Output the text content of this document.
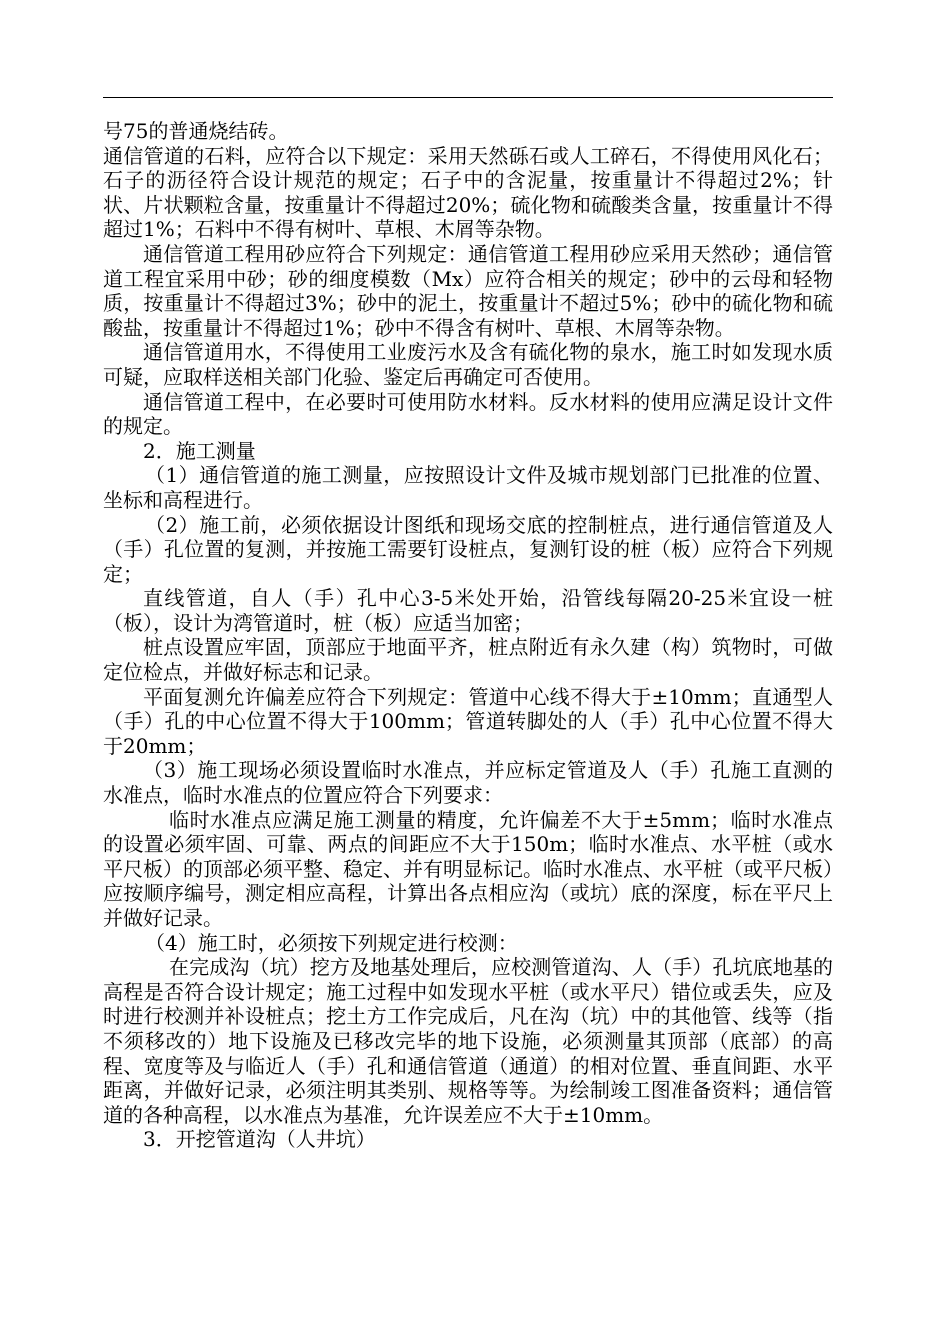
号75的普通烧结砖。

通信管道的石料，应符合以下规定：采用天然砾石或人工碎石，不得使用风化石；石子的沥径符合设计规范的规定；石子中的含泥量，按重量计不得超过2%；针状、片状颗粒含量，按重量计不得超过20%；硫化物和硫酸类含量，按重量计不得超过1%；石料中不得有树叶、草根、木屑等杂物。

通信管道工程用砂应符合下列规定：通信管道工程用砂应采用天然砂；通信管道工程宜采用中砂；砂的细度模数（Mx）应符合相关的规定；砂中的云母和轻物质，按重量计不得超过3%；砂中的泥土，按重量计不超过5%；砂中的硫化物和硫酸盐，按重量计不得超过1%；砂中不得含有树叶、草根、木屑等杂物。

通信管道用水，不得使用工业废污水及含有硫化物的泉水，施工时如发现水质可疑，应取样送相关部门化验、鉴定后再确定可否使用。

通信管道工程中，在必要时可使用防水材料。反水材料的使用应满足设计文件的规定。

2．施工测量

（1）通信管道的施工测量，应按照设计文件及城市规划部门已批准的位置、坐标和高程进行。

（2）施工前，必须依据设计图纸和现场交底的控制桩点，进行通信管道及人（手）孔位置的复测，并按施工需要钉设桩点，复测钉设的桩（板）应符合下列规定；

直线管道，自人（手）孔中心3-5米处开始，沿管线每隔20-25米宜设一桩（板），设计为湾管道时，桩（板）应适当加密；

桩点设置应牢固，顶部应于地面平齐，桩点附近有永久建（构）筑物时，可做定位检点，并做好标志和记录。

平面复测允许偏差应符合下列规定：管道中心线不得大于±10mm；直通型人（手）孔的中心位置不得大于100mm；管道转脚处的人（手）孔中心位置不得大于20mm；

（3）施工现场必须设置临时水准点，并应标定管道及人（手）孔施工直测的水准点，临时水准点的位置应符合下列要求：

临时水准点应满足施工测量的精度，允许偏差不大于±5mm；临时水准点的设置必须牢固、可靠、两点的间距应不大于150m；临时水准点、水平桩（或水平尺板）的顶部必须平整、稳定、并有明显标记。临时水准点、水平桩（或平尺板）应按顺序编号，测定相应高程，计算出各点相应沟（或坑）底的深度，标在平尺上并做好记录。

（4）施工时，必须按下列规定进行校测：

在完成沟（坑）挖方及地基处理后，应校测管道沟、人（手）孔坑底地基的高程是否符合设计规定；施工过程中如发现水平桩（或水平尺）错位或丢失，应及时进行校测并补设桩点；挖土方工作完成后，凡在沟（坑）中的其他管、线等（指不须移改的）地下设施及已移改完毕的地下设施，必须测量其顶部（底部）的高程、宽度等及与临近人（手）孔和通信管道（通道）的相对位置、垂直间距、水平距离，并做好记录，必须注明其类别、规格等等。为绘制竣工图准备资料；通信管道的各种高程，以水准点为基准，允许误差应不大于±10mm。

3．开挖管道沟（人井坑）
